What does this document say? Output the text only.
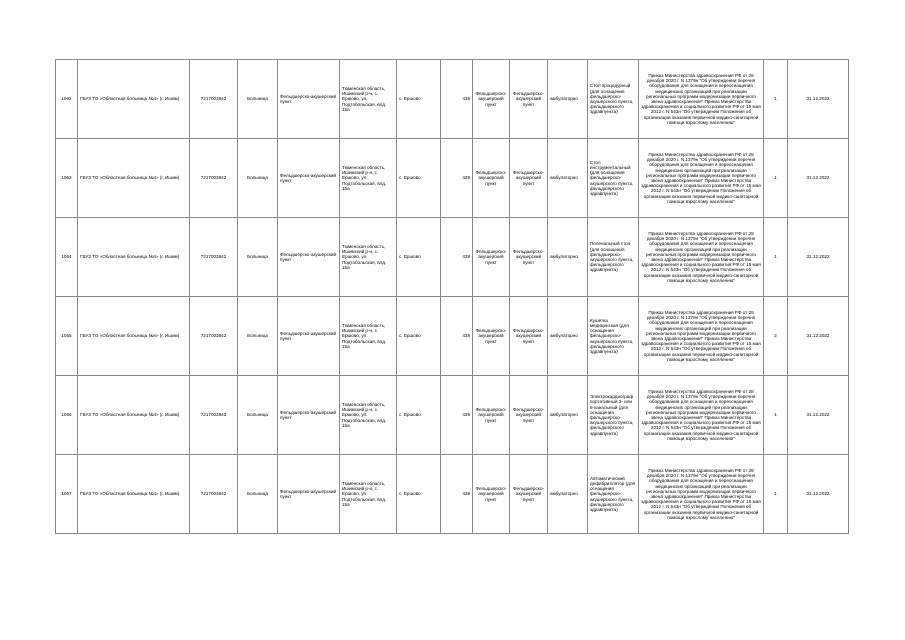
1062	ГБУЗ ТО «Областная больница №4» (г. Ишим)	7217003842	Больница	Фельдшерско-акушерский пункт	Тюменская область, Ишимский р-н, с. Ершово, ул. Подтобольская, влд. 15а	с. Ершово	438	Фельдшерско-акушерский пункт	Фельдшерско-акушерский пункт	амбулаторно	Стол процедурный (для оснащения фельдшерско-акушерского пункта, фельдшерского здравпункта)	Приказ Министерства здравоохранения РФ от 28 декабря 2020 г. N 1379н "Об утверждении перечня оборудования для оснащения и переоснащения медицинских организаций при реализации региональных программ модернизации первичного звена здравоохранения" Приказ Министерства здравоохранения и социального развития РФ от 15 мая 2012 г. N 543н "Об утверждении Положения об организации оказания первичной медико-санитарной помощи взрослому населению"	1	31.12.2022
1063	ГБУЗ ТО «Областная больница №4» (г. Ишим)	7217003842	Больница	Фельдшерско-акушерский пункт	Тюменская область, Ишимский р-н, с. Ершово, ул. Подтобольская, влд. 15а	с. Ершово	438	Фельдшерско-акушерский пункт	Фельдшерско-акушерский пункт	амбулаторно	Стол инструментальный (для оснащения фельдшерско-акушерского пункта, фельдшерского здравпункта)	Приказ Министерства здравоохранения РФ от 28 декабря 2020 г. N 1379н "Об утверждении перечня оборудования для оснащения и переоснащения медицинских организаций при реализации региональных программ модернизации первичного звена здравоохранения" Приказ Министерства здравоохранения и социального развития РФ от 15 мая 2012 г. N 543н "Об утверждении Положения об организации оказания первичной медико-санитарной помощи взрослому населению"	1	31.12.2022
1064	ГБУЗ ТО «Областная больница №4» (г. Ишим)	7217003842	Больница	Фельдшерско-акушерский пункт	Тюменская область, Ишимский р-н, с. Ершово, ул. Подтобольская, влд. 15а	с. Ершово	438	Фельдшерско-акушерский пункт	Фельдшерско-акушерский пункт	амбулаторно	Пеленальный стол (для оснащения фельдшерско-акушерского пункта, фельдшерского здравпункта)	Приказ Министерства здравоохранения РФ от 28 декабря 2020 г. N 1379н "Об утверждении перечня оборудования для оснащения и переоснащения медицинских организаций при реализации региональных программ модернизации первичного звена здравоохранения" Приказ Министерства здравоохранения и социального развития РФ от 15 мая 2012 г. N 543н "Об утверждении Положения об организации оказания первичной медико-санитарной помощи взрослому населению"	1	31.12.2022
1065	ГБУЗ ТО «Областная больница №4» (г. Ишим)	7217003842	Больница	Фельдшерско-акушерский пункт	Тюменская область, Ишимский р-н, с. Ершово, ул. Подтобольская, влд. 15а	с. Ершово	438	Фельдшерско-акушерский пункт	Фельдшерско-акушерский пункт	амбулаторно	Кушетка медицинская (для оснащения фельдшерско-акушерского пункта, фельдшерского здравпункта)	Приказ Министерства здравоохранения РФ от 28 декабря 2020 г. N 1379н "Об утверждении перечня оборудования для оснащения и переоснащения медицинских организаций при реализации региональных программ модернизации первичного звена здравоохранения" Приказ Министерства здравоохранения и социального развития РФ от 15 мая 2012 г. N 543н "Об утверждении Положения об организации оказания первичной медико-санитарной помощи взрослому населению"	2	31.12.2022
1066	ГБУЗ ТО «Областная больница №4» (г. Ишим)	7217003842	Больница	Фельдшерско-акушерский пункт	Тюменская область, Ишимский р-н, с. Ершово, ул. Подтобольская, влд. 15а	с. Ершово	438	Фельдшерско-акушерский пункт	Фельдшерско-акушерский пункт	амбулаторно	Электрокардиограф портативный 3- или 6-канальный (для оснащения фельдшерско-акушерского пункта, фельдшерского здравпункта)	Приказ Министерства здравоохранения РФ от 28 декабря 2020 г. N 1379н "Об утверждении перечня оборудования для оснащения и переоснащения медицинских организаций при реализации региональных программ модернизации первичного звена здравоохранения" Приказ Министерства здравоохранения и социального развития РФ от 15 мая 2012 г. N 543н "Об утверждении Положения об организации оказания первичной медико-санитарной помощи взрослому населению"	1	31.12.2022
1067	ГБУЗ ТО «Областная больница №4» (г. Ишим)	7217003842	Больница	Фельдшерско-акушерский пункт	Тюменская область, Ишимский р-н, с. Ершово, ул. Подтобольская, влд. 15а	с. Ершово	438	Фельдшерско-акушерский пункт	Фельдшерско-акушерский пункт	амбулаторно	Автоматический дефибриллятор (для оснащения фельдшерско-акушерского пункта, фельдшерского здравпункта)	Приказ Министерства здравоохранения РФ от 28 декабря 2020 г. N 1379н "Об утверждении перечня оборудования для оснащения и переоснащения медицинских организаций при реализации региональных программ модернизации первичного звена здравоохранения" Приказ Министерства здравоохранения и социального развития РФ от 15 мая 2012 г. N 543н "Об утверждении Положения об организации оказания первичной медико-санитарной помощи взрослому населению"	1	31.12.2022
